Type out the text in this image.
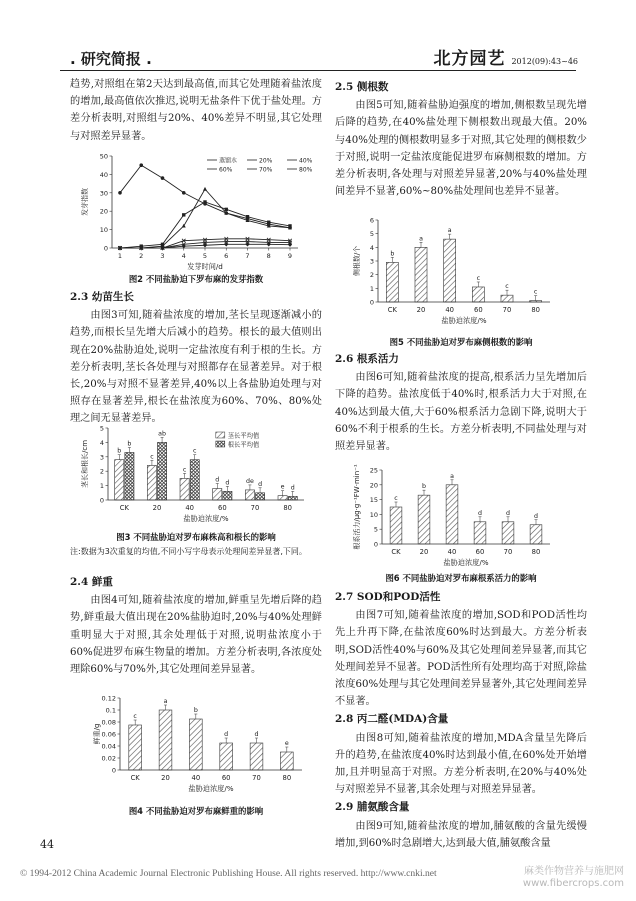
. 研究简报 .	北方园艺 2012(09):43~46

趋势,对照组在第2天达到最高值,而其它处理随着盐浓度的增加,最高值依次推迟,说明无盐条件下优于盐处理。方差分析表明,对照组与20%、40%差异不明显,其它处理与对照差异显著。

0
10
20
30
40
50
发芽指数
发芽时间/d
1	2	3	4	5	6	7	8	9
蒸馏水	20%	40%
60%	70%	80%
图2 不同盐胁迫下罗布麻的发芽指数
2.3 幼苗生长

由图3可知,随着盐浓度的增加,茎长呈现逐渐减小的趋势,而根长呈先增大后减小的趋势。根长的最大值则出现在20%盐胁迫处,说明一定盐浓度有利于根的生长。方差分析表明,茎长各处理与对照都存在显著差异。对于根长,20%与对照不显著差异,40%以上各盐胁迫处理与对照存在显著差异,根长在盐浓度为60%、70%、80%处理之间无显著差异。

0
1
2
3
4
5
茎长和根长/cm
盐胁迫浓度/%
CK	20	40	60	70	80
b
c
c
d	de
e
b
ab
c
d	d
d
茎长平均值
根长平均值
图3 不同盐胁迫对罗布麻株高和根长的影响
注:数据为3次重复的均值,不同小写字母表示处理间差异显著,下同。
2.4 鲜重

由图4可知,随着盐浓度的增加,鲜重呈先增后降的趋势,鲜重最大值出现在20%盐胁迫时,20%与40%处理鲜重明显大于对照,其余处理低于对照,说明盐浓度小于60%促进罗布麻生物量的增加。方差分析表明,各浓度处理除60%与70%外,其它处理间差异显著。

0
0.02
0.04
0.06
0.08
0.1
0.12
鲜重/g
盐胁迫浓度/%
CK	20	40	60	70	80
c
a
b
d	d
e
图4 不同盐胁迫对罗布麻鲜重的影响
2.5 侧根数

由图5可知,随着盐胁迫强度的增加,侧根数呈现先增后降的趋势,在40%盐处理下侧根数出现最大值。20%与40%处理的侧根数明显多于对照,其它处理的侧根数少于对照,说明一定盐浓度能促进罗布麻侧根数的增加。方差分析表明,各处理与对照差异显著,20%与40%盐处理间差异不显著,60%~80%盐处理间也差异不显著。

0
1
2
3
4
5
6
侧根数/个
盐胁迫浓度/%
CK	20	40	60	70	80
b
a
a
c
c
c
图5 不同盐胁迫对罗布麻侧根数的影响
2.6 根系活力

由图6可知,随着盐浓度的提高,根系活力呈先增加后下降的趋势。盐浓度低于40%时,根系活力大于对照,在40%达到最大值,大于60%根系活力急剧下降,说明大于60%不利于根系的生长。方差分析表明,不同盐处理与对照差异显著。

0
5
10
15
20
25
根系活力/μg·g⁻¹FW·min⁻¹
盐胁迫浓度/%
CK	20	40	60	70	80
c
b
a
d	d	d
图6 不同盐胁迫对罗布麻根系活力的影响
2.7 SOD和POD活性

由图7可知,随着盐浓度的增加,SOD和POD活性均先上升再下降,在盐浓度60%时达到最大。方差分析表明,SOD活性40%与60%及其它处理间差异显著,而其它处理间差异不显著。POD活性所有处理均高于对照,除盐浓度60%处理与其它处理间差异显著外,其它处理间差异不显著。

2.8 丙二醛(MDA)含量

由图8可知,随着盐浓度的增加,MDA含量呈先降后升的趋势,在盐浓度40%时达到最小值,在60%处开始增加,且并明显高于对照。方差分析表明,在20%与40%处与对照差异不显著,其余处理与对照差异显著。

2.9 脯氨酸含量

由图9可知,随着盐浓度的增加,脯氨酸的含量先缓慢增加,到60%时急剧增大,达到最大值,脯氨酸含量

44
© 1994-2012 China Academic Journal Electronic Publishing House. All rights reserved. http://www.cnki.net	麻类作物营养与施肥网 www.fibercrops.com
